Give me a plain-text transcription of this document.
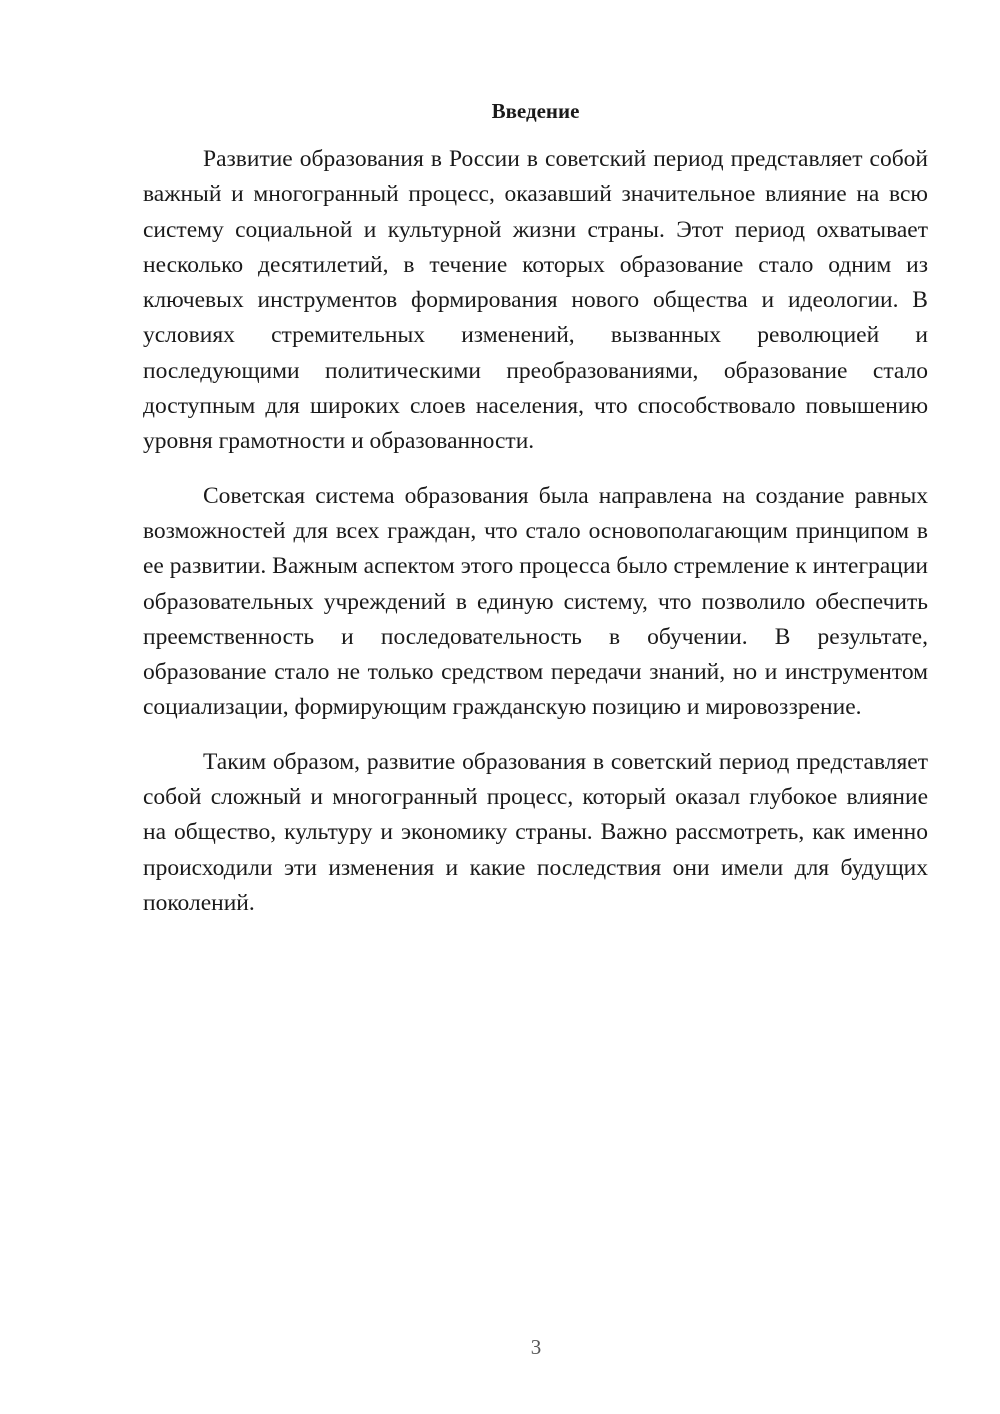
Введение

Развитие образования в России в советский период представляет собой важный и многогранный процесс, оказавший значительное влияние на всю систему социальной и культурной жизни страны. Этот период охватывает несколько десятилетий, в течение которых образование стало одним из ключевых инструментов формирования нового общества и идеологии. В условиях стремительных изменений, вызванных революцией и последующими политическими преобразованиями, образование стало доступным для широких слоев населения, что способствовало повышению уровня грамотности и образованности.

Советская система образования была направлена на создание равных возможностей для всех граждан, что стало основополагающим принципом в ее развитии. Важным аспектом этого процесса было стремление к интеграции образовательных учреждений в единую систему, что позволило обеспечить преемственность и последовательность в обучении. В результате, образование стало не только средством передачи знаний, но и инструментом социализации, формирующим гражданскую позицию и мировоззрение.

Таким образом, развитие образования в советский период представляет собой сложный и многогранный процесс, который оказал глубокое влияние на общество, культуру и экономику страны. Важно рассмотреть, как именно происходили эти изменения и какие последствия они имели для будущих поколений.

3
